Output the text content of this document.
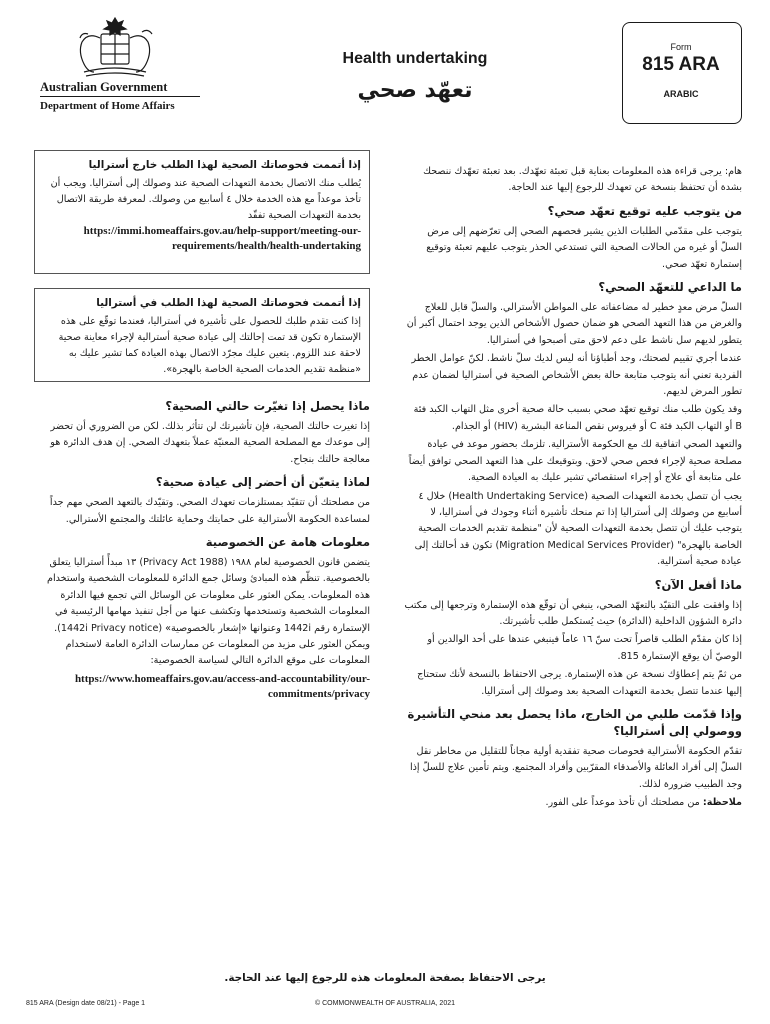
Australian Government
Department of Home Affairs
Health undertaking
تعهّد صحي
Form
815 ARA
ARABIC

هام: يرجى قراءة هذه المعلومات بعناية قبل تعبئة تعهّدك. بعد تعبئة تعهّدك ننصحك بشدة أن تحتفظ بنسخة عن تعهدك للرجوع إليها عند الحاجة.

من يتوجب عليه توقيع تعهّد صحي؟

يتوجب على مقدّمي الطلبات الذين يشير فحصهم الصحي إلى تعرّضهم إلى مرض السلّ أو غيره من الحالات الصحية التي تستدعي الحذر يتوجب عليهم تعبئة وتوقيع إستمارة تعهّد صحي.

ما الداعي للتعهّد الصحي؟

السلّ مرض معدٍ خطير له مضاعفاته على المواطن الأسترالي. والسلّ قابل للعلاج والغرض من هذا التعهد الصحي هو ضمان حصول الأشخاص الذين يوجد احتمال أكبر أن يتطور لديهم سل ناشط على دعم لاحق متى أصبحوا في أستراليا.

عندما أجري تقييم لصحتك، وجد أطباؤنا أنه ليس لديك سلّ ناشط. لكنّ عوامل الخطر الفردية تعني أنه يتوجب متابعة حالة بعض الأشخاص الصحية في أستراليا لضمان عدم تطور المرض لديهم.

وقد يكون طلب منك توقيع تعهّد صحي بسبب حالة صحية أخرى مثل التهاب الكبد فئة B أو التهاب الكبد فئة C أو فيروس نقص المناعة البشرية (HIV) أو الجذام.

والتعهد الصحي اتفاقية لك مع الحكومة الأسترالية. تلزمك بحضور موعد في عيادة مصلحة صحية لإجراء فحص صحي لاحق. وبتوقيعك على هذا التعهد الصحي توافق أيضاً على متابعة أي علاج أو إجراء استقصائي تشير عليك به العيادة الصحية.

يجب أن تتصل بخدمة التعهدات الصحية (Health Undertaking Service) خلال ٤ أسابيع من وصولك إلى أستراليا إذا تم منحك تأشيرة أثناء وجودك في أستراليا، لا يتوجب عليك أن تتصل بخدمة التعهدات الصحية لأن "منظمة تقديم الخدمات الصحية الخاصة بالهجرة" (Migration Medical Services Provider) تكون قد أحالتك إلى عيادة صحية أسترالية.

ماذا أفعل الآن؟

إذا وافقت على التقيّد بالتعهّد الصحي، ينبغي أن توقّع هذه الإستمارة وترجعها إلى مكتب دائرة الشؤون الداخلية (الدائرة) حيث يُستكمل طلب تأشيرتك.

إذا كان مقدّم الطلب قاصراً تحت سنّ ١٦ عاماً فينبغي عندها على أحد الوالدين أو الوصيّ أن يوقع الإستمارة 815.

من ثمّ يتم إعطاؤك نسخة عن هذه الإستمارة. يرجى الاحتفاظ بالنسخة لأنك ستحتاج إليها عندما تتصل بخدمة التعهدات الصحية بعد وصولك إلى أستراليا.

وإذا قدّمت طلبي من الخارج، ماذا يحصل بعد منحي التأشيرة ووصولي إلى أستراليا؟

تقدّم الحكومة الأسترالية فحوصات صحية تفقدية أولية مجاناً للتقليل من مخاطر نقل السلّ إلى أفراد العائلة والأصدقاء المقرّبين وأفراد المجتمع. ويتم تأمين علاج للسلّ إذا وجد الطبيب ضرورة لذلك.

ملاحظة: من مصلحتك أن تأخذ موعداً على الفور.

إذا أتممت فحوصاتك الصحية لهذا الطلب خارج أستراليا

يُطلب منك الاتصال بخدمة التعهدات الصحية عند وصولك إلى أستراليا. ويجب أن تأخذ موعداً مع هذه الخدمة خلال ٤ أسابيع من وصولك. لمعرفة طريقة الاتصال بخدمة التعهدات الصحية تفقّد

https://immi.homeaffairs.gov.au/help-support/meeting-our-requirements/health/health-undertaking
إذا أتممت فحوصاتك الصحية لهذا الطلب في أستراليا

إذا كنت تقدم طلبك للحصول على تأشيرة في أستراليا، فعندما توقّع على هذه الإستمارة تكون قد تمت إحالتك إلى عيادة صحية أسترالية لإجراء معاينة صحية لاحقة عند اللزوم. يتعين عليك مجرّد الاتصال بهذه العيادة كما تشير عليك به «منظمة تقديم الخدمات الصحية الخاصة بالهجرة».

ماذا يحصل إذا تغيّرت حالتي الصحية؟

إذا تغيرت حالتك الصحية، فإن تأشيرتك لن تتأثر بذلك. لكن من الضروري أن تحضر إلى موعدك مع المصلحة الصحية المعنيّة عملاً بتعهدك الصحي. إن هدف الدائرة هو معالجة حالتك بنجاح.

لماذا يتعيّن أن أحضر إلى عيادة صحية؟

من مصلحتك أن تتقيّد بمستلزمات تعهدك الصحي. وتقيّدك بالتعهد الصحي مهم جداً لمساعدة الحكومة الأسترالية على حمايتك وحماية عائلتك والمجتمع الأسترالي.

معلومات هامة عن الخصوصية

يتضمن قانون الخصوصية لعام ١٩٨٨ (Privacy Act 1988) ١٣ مبدأً أستراليا يتعلق بالخصوصية. تنظّم هذه المبادئ وسائل جمع الدائرة للمعلومات الشخصية واستخدام هذه المعلومات. يمكن العثور على معلومات عن الوسائل التي تجمع فيها الدائرة المعلومات الشخصية وتستخدمها وتكشف عنها من أجل تنفيذ مهامها الرئيسية في الإستمارة رقم 1442i وعنوانها «إشعار بالخصوصية» (1442i Privacy notice). ويمكن العثور على مزيد من المعلومات عن ممارسات الدائرة العامة لاستخدام المعلومات على موقع الدائرة التالي لسياسة الخصوصية:

https://www.homeaffairs.gov.au/access-and-accountability/our-commitments/privacy
يرجى الاحتفاظ بصفحة المعلومات هذه للرجوع إليها عند الحاجة.
815 ARA (Design date 08/21) - Page 1	© COMMONWEALTH OF AUSTRALIA, 2021
